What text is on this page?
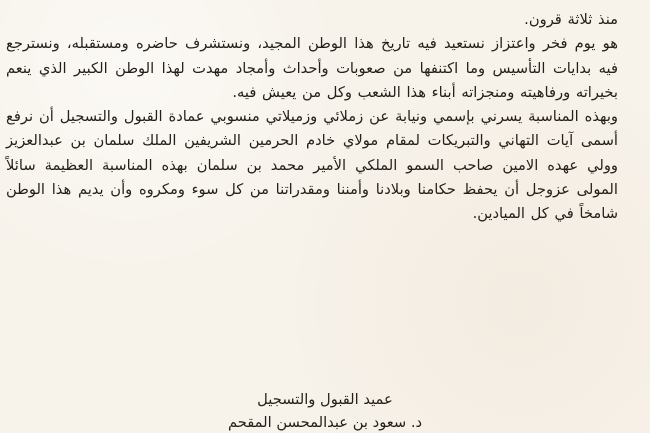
منذ ثلاثة قرون.

هو يوم فخر واعتزاز نستعيد فيه تاريخ هذا الوطن المجيد، ونستشرف حاضره ومستقبله، ونسترجع فيه بدايات التأسيس وما اكتنفها من صعوبات وأحداث وأمجاد مهدت لهذا الوطن الكبير الذي ينعم بخيراته ورفاهيته ومنجزاته أبناء هذا الشعب وكل من يعيش فيه.

وبهذه المناسبة يسرني بإسمي ونيابة عن زملائي وزميلاتي منسوبي عمادة القبول والتسجيل أن نرفع أسمى آيات التهاني والتبريكات لمقام مولاي خادم الحرمين الشريفين الملك سلمان بن عبدالعزيز وولي عهده الامين صاحب السمو الملكي الأمير محمد بن سلمان بهذه المناسبة العظيمة سائلاً المولى عزوجل أن يحفظ حكامنا وبلادنا وأمننا ومقدراتنا من كل سوء ومكروه وأن يديم هذا الوطن شامخاً في كل الميادين.

عميد القبول والتسجيل

د. سعود بن عبدالمحسن المقحم
